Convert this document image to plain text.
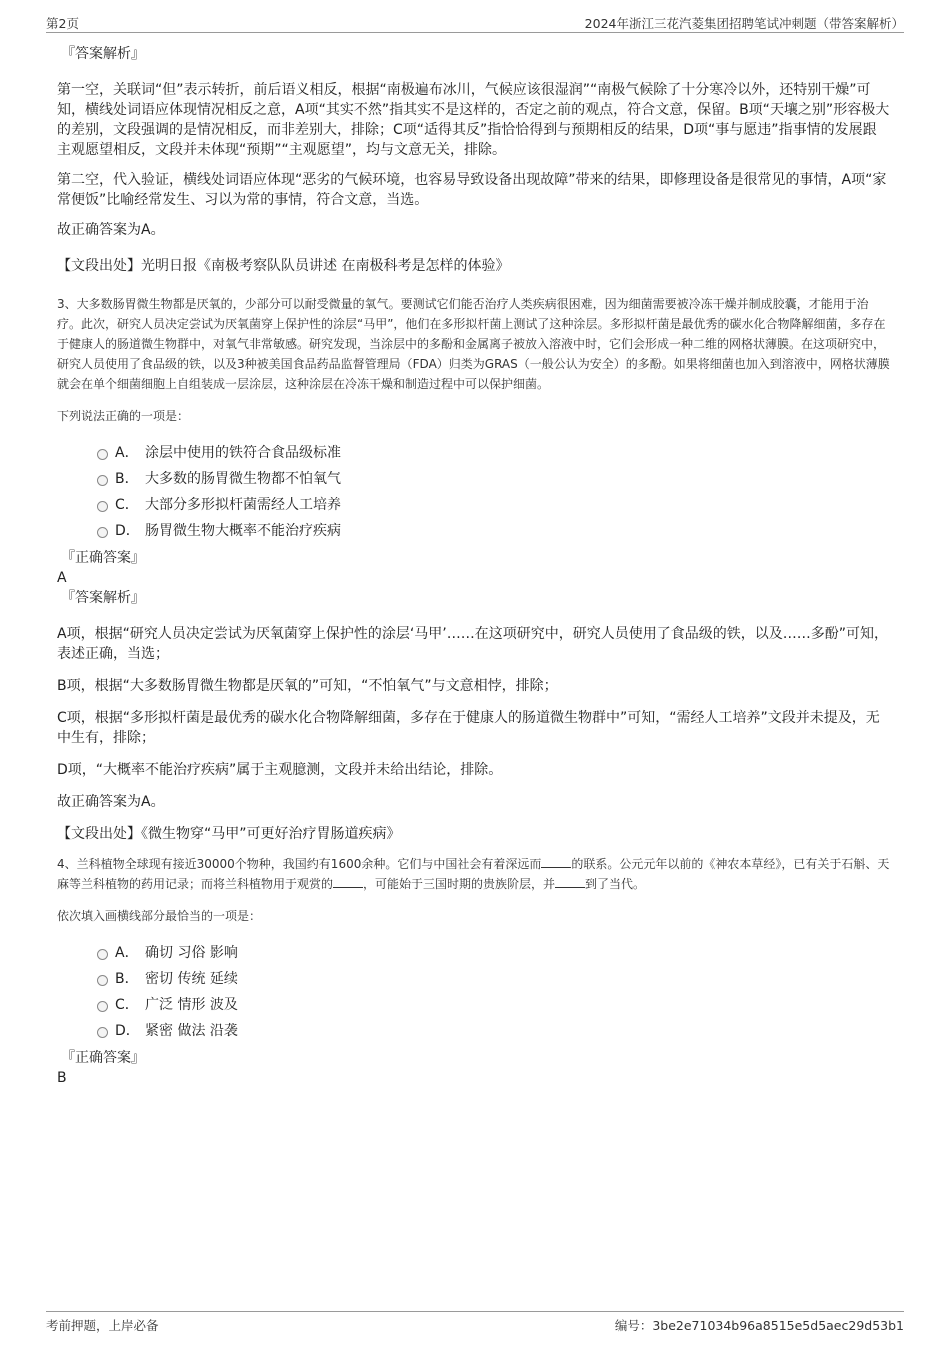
第2页	2024年浙江三花汽菱集团招聘笔试冲刺题（带答案解析）

『答案解析』

第一空，关联词“但”表示转折，前后语义相反，根据“南极遍布冰川，气候应该很湿润”“南极气候除了十分寒冷以外，还特别干燥”可知，横线处词语应体现情况相反之意，A项“其实不然”指其实不是这样的，否定之前的观点，符合文意，保留。B项“天壤之别”形容极大的差别，文段强调的是情况相反，而非差别大，排除；C项“适得其反”指恰恰得到与预期相反的结果，D项“事与愿违”指事情的发展跟主观愿望相反，文段并未体现“预期”“主观愿望”，均与文意无关，排除。

第二空，代入验证，横线处词语应体现“恶劣的气候环境，也容易导致设备出现故障”带来的结果，即修理设备是很常见的事情，A项“家常便饭”比喻经常发生、习以为常的事情，符合文意，当选。

故正确答案为A。

【文段出处】光明日报《南极考察队队员讲述 在南极科考是怎样的体验》

3、大多数肠胃微生物都是厌氧的，少部分可以耐受微量的氧气。要测试它们能否治疗人类疾病很困难，因为细菌需要被冷冻干燥并制成胶囊，才能用于治疗。此次，研究人员决定尝试为厌氧菌穿上保护性的涂层“马甲”，他们在多形拟杆菌上测试了这种涂层。多形拟杆菌是最优秀的碳水化合物降解细菌，多存在于健康人的肠道微生物群中，对氧气非常敏感。研究发现，当涂层中的多酚和金属离子被放入溶液中时，它们会形成一种二维的网格状薄膜。在这项研究中，研究人员使用了食品级的铁，以及3种被美国食品药品监督管理局（FDA）归类为GRAS（一般公认为安全）的多酚。如果将细菌也加入到溶液中，网格状薄膜就会在单个细菌细胞上自组装成一层涂层，这种涂层在冷冻干燥和制造过程中可以保护细菌。

下列说法正确的一项是：

A． 涂层中使用的铁符合食品级标准
B． 大多数的肠胃微生物都不怕氧气
C． 大部分多形拟杆菌需经人工培养
D． 肠胃微生物大概率不能治疗疾病

『正确答案』

A

『答案解析』

A项，根据“研究人员决定尝试为厌氧菌穿上保护性的涂层‘马甲’……在这项研究中，研究人员使用了食品级的铁，以及……多酚”可知，表述正确，当选；

B项，根据“大多数肠胃微生物都是厌氧的”可知，“不怕氧气”与文意相悖，排除；

C项，根据“多形拟杆菌是最优秀的碳水化合物降解细菌，多存在于健康人的肠道微生物群中”可知，“需经人工培养”文段并未提及，无中生有，排除；

D项，“大概率不能治疗疾病”属于主观臆测，文段并未给出结论，排除。

故正确答案为A。

【文段出处】《微生物穿“马甲”可更好治疗胃肠道疾病》

4、兰科植物全球现有接近30000个物种，我国约有1600余种。它们与中国社会有着深远而	的联系。公元元年以前的《神农本草经》，已有关于石斛、天麻等兰科植物的药用记录；而将兰科植物用于观赏的	，可能始于三国时期的贵族阶层，并	到了当代。

依次填入画横线部分最恰当的一项是：

A． 确切 习俗 影响
B． 密切 传统 延续
C． 广泛 情形 波及
D． 紧密 做法 沿袭

『正确答案』

B

考前押题，上岸必备	编号：3be2e71034b96a8515e5d5aec29d53b1
